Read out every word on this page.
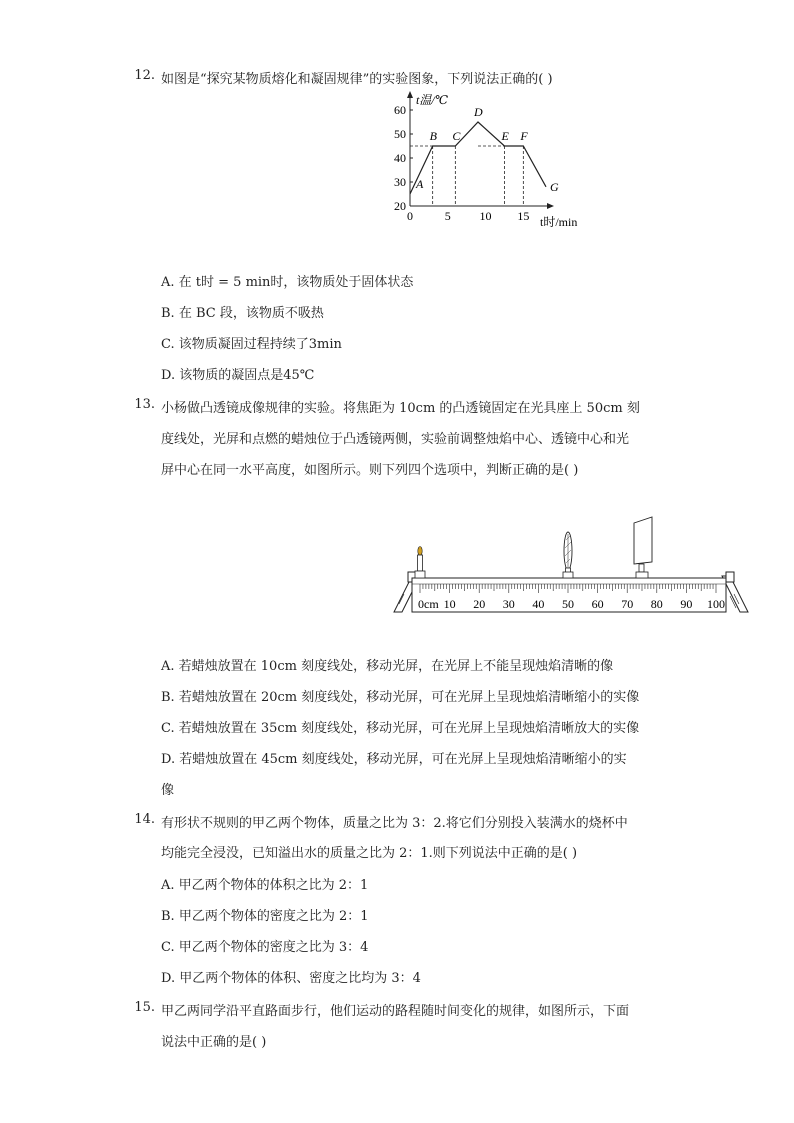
12. 如图是“探究某物质熔化和凝固规律”的实验图象，下列说法正确的( )
20
30
40
50
60
0	5 10 15
t温/℃
t时/min
A
B C
D
E F
G
A. 在 t时 = 5 min时，该物质处于固体状态
B. 在 BC 段，该物质不吸热
C. 该物质凝固过程持续了3min
D. 该物质的凝固点是45℃
13. 小杨做凸透镜成像规律的实验。将焦距为 10cm 的凸透镜固定在光具座上 50cm 刻
度线处，光屏和点燃的蜡烛位于凸透镜两侧，实验前调整烛焰中心、透镜中心和光
屏中心在同一水平高度，如图所示。则下列四个选项中，判断正确的是( )
0cm 10 20 30 40 50 60 70 80 90 100
A. 若蜡烛放置在 10cm 刻度线处，移动光屏，在光屏上不能呈现烛焰清晰的像
B. 若蜡烛放置在 20cm 刻度线处，移动光屏，可在光屏上呈现烛焰清晰缩小的实像
C. 若蜡烛放置在 35cm 刻度线处，移动光屏，可在光屏上呈现烛焰清晰放大的实像
D. 若蜡烛放置在 45cm 刻度线处，移动光屏，可在光屏上呈现烛焰清晰缩小的实
像
14. 有形状不规则的甲乙两个物体，质量之比为 3：2.将它们分别投入装满水的烧杯中
均能完全浸没，已知溢出水的质量之比为 2：1.则下列说法中正确的是( )
A. 甲乙两个物体的体积之比为 2：1
B. 甲乙两个物体的密度之比为 2：1
C. 甲乙两个物体的密度之比为 3：4
D. 甲乙两个物体的体积、密度之比均为 3：4
15. 甲乙两同学沿平直路面步行，他们运动的路程随时间变化的规律，如图所示，下面
说法中正确的是( )
